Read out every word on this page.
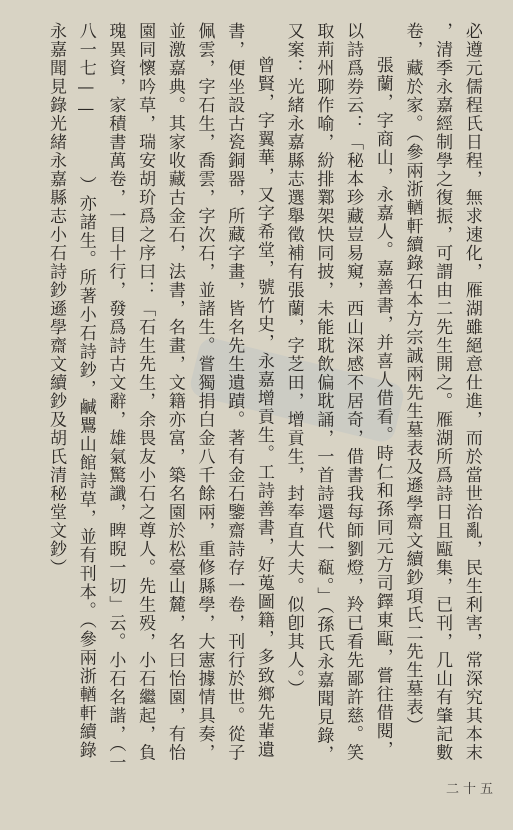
必遵元儒程氏日程，無求速化，雁湖雖絕意仕進，而於當世治亂，民生利害，常深究其本末
，清季永嘉經制學之復振，可謂由二先生開之。雁湖所爲詩日且甌集，已刊，几山有肇記數
卷，藏於家。（參兩浙輶軒續錄石本方宗誠兩先生墓表及遜學齋文續鈔項氏二先生墓表）
張蘭，字商山，永嘉人。嘉善書，并喜人借看。時仁和孫同元方司鐸東甌，嘗往借閱，
以詩爲券云：「秘本珍藏豈易窺，西山深感不居奇，借書我每師劉燈，羚已看先鄙許慈。笑
取荊州聊作喻，紛排鄴架快同披，未能耽飲偏耽誦，一首詩還代一瓻。」（孫氏永嘉聞見錄，
又案：光緒永嘉縣志選舉徵補有張蘭，字芝田，增貢生，封奉直大夫。似卽其人。）
曾賢，字翼華，又字希堂，號竹史，永嘉增貢生。工詩善書，好蒐圖籍，多致鄉先輩遺
書，便坐設古瓷銅器，所藏字畫，皆名先生遺蹟。著有金石鑒齋詩存一卷，刊行於世。從子
佩雲，字石生，喬雲，字次石，並諸生。嘗獨捐白金八千餘兩，重修縣學，大憲據情具奏，
並激嘉典。其家收藏古金石，法書，名畫，文籍亦富，築名園於松臺山麓，名曰怡園，有怡
園同懷吟草，瑞安胡玠爲之序曰：「石生先生，余畏友小石之尊人。先生殁，小石繼起，負
瑰異資，家積書萬卷，一目十行，發爲詩古文辭，雄氣驚讖，睥睨一切」云。小石名諧，（一
八一七——　　　）亦諸生。所著小石詩鈔，鹹鸎山館詩草，並有刊本。（參兩浙輶軒續錄
永嘉聞見錄光緒永嘉縣志小石詩鈔遜學齋文續鈔及胡氏清秘堂文鈔）
二十五
